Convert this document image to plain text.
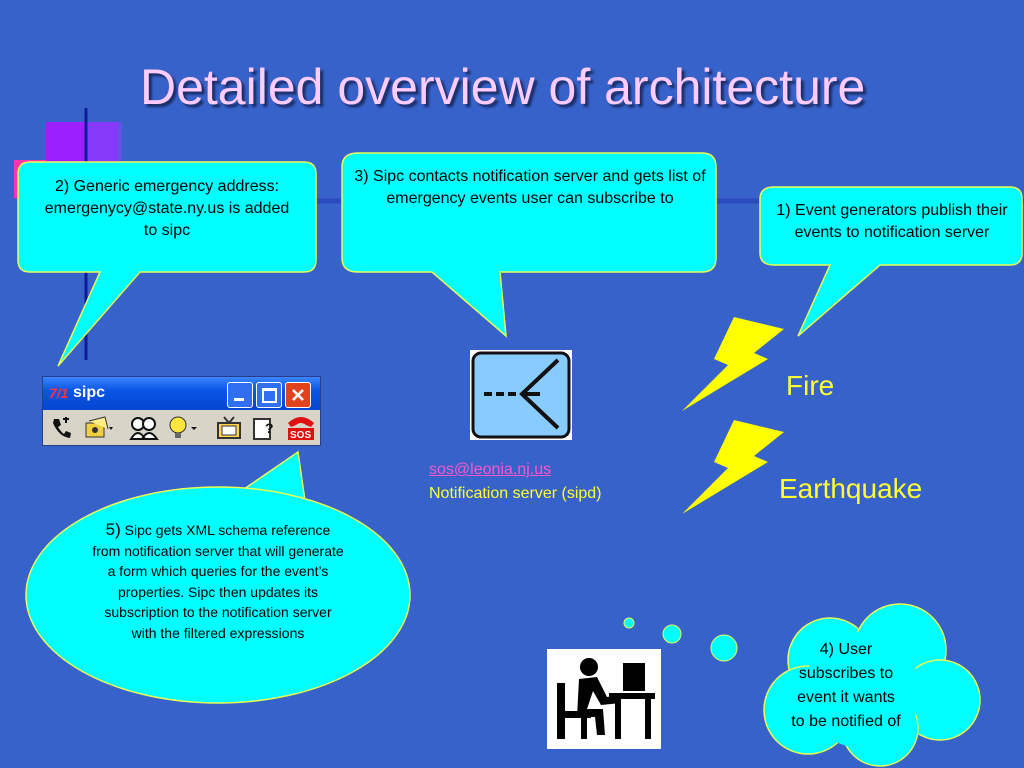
Detailed overview of architecture
2) Generic emergency address: emergenycy@state.ny.us is added to sipc
3) Sipc contacts notification server and gets list of emergency events user can subscribe to
1) Event generators publish their events to notification server
5) Sipc gets XML schema reference from notification server that will generate a form which queries for the event’s properties. Sipc then updates its subscription to the notification server with the filtered expressions
4) User subscribes to event it wants to be notified of
7/1 sipc
? SOS
sos@leonia.nj.us
Notification server (sipd)
Fire
Earthquake
